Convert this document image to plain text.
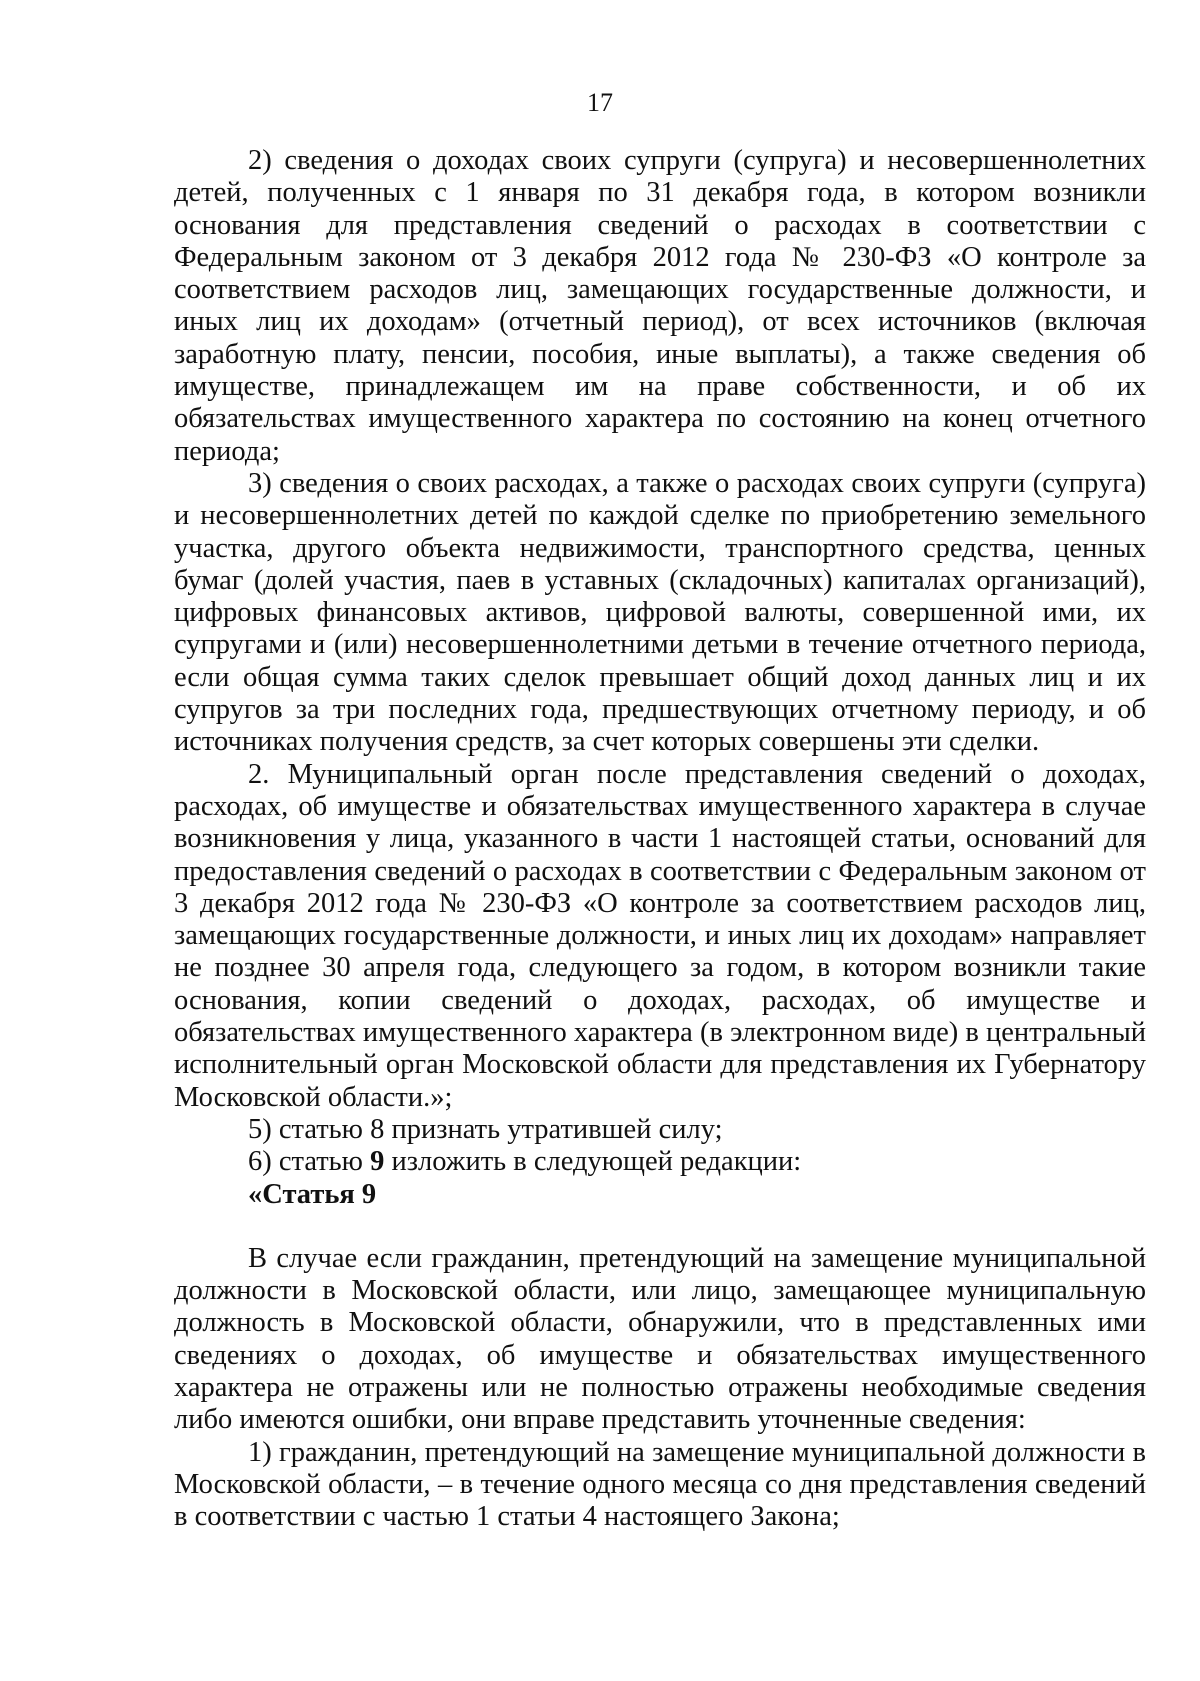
17

2) сведения о доходах своих супруги (супруга) и несовершеннолетних детей, полученных с 1 января по 31 декабря года, в котором возникли основания для представления сведений о расходах в соответствии с Федеральным законом от 3 декабря 2012 года № 230-ФЗ «О контроле за соответствием расходов лиц, замещающих государственные должности, и иных лиц их доходам» (отчетный период), от всех источников (включая заработную плату, пенсии, пособия, иные выплаты), а также сведения об имуществе, принадлежащем им на праве собственности, и об их обязательствах имущественного характера по состоянию на конец отчетного периода;

3) сведения о своих расходах, а также о расходах своих супруги (супруга) и несовершеннолетних детей по каждой сделке по приобретению земельного участка, другого объекта недвижимости, транспортного средства, ценных бумаг (долей участия, паев в уставных (складочных) капиталах организаций), цифровых финансовых активов, цифровой валюты, совершенной ими, их супругами и (или) несовершеннолетними детьми в течение отчетного периода, если общая сумма таких сделок превышает общий доход данных лиц и их супругов за три последних года, предшествующих отчетному периоду, и об источниках получения средств, за счет которых совершены эти сделки.

2. Муниципальный орган после представления сведений о доходах, расходах, об имуществе и обязательствах имущественного характера в случае возникновения у лица, указанного в части 1 настоящей статьи, оснований для предоставления сведений о расходах в соответствии с Федеральным законом от 3 декабря 2012 года № 230-ФЗ «О контроле за соответствием расходов лиц, замещающих государственные должности, и иных лиц их доходам» направляет не позднее 30 апреля года, следующего за годом, в котором возникли такие основания, копии сведений о доходах, расходах, об имуществе и обязательствах имущественного характера (в электронном виде) в центральный исполнительный орган Московской области для представления их Губернатору Московской области.»;

5) статью 8 признать утратившей силу;

6) статью 9 изложить в следующей редакции:

«Статья 9

В случае если гражданин, претендующий на замещение муниципальной должности в Московской области, или лицо, замещающее муниципальную должность в Московской области, обнаружили, что в представленных ими сведениях о доходах, об имуществе и обязательствах имущественного характера не отражены или не полностью отражены необходимые сведения либо имеются ошибки, они вправе представить уточненные сведения:

1) гражданин, претендующий на замещение муниципальной должности в Московской области, – в течение одного месяца со дня представления сведений в соответствии с частью 1 статьи 4 настоящего Закона;
